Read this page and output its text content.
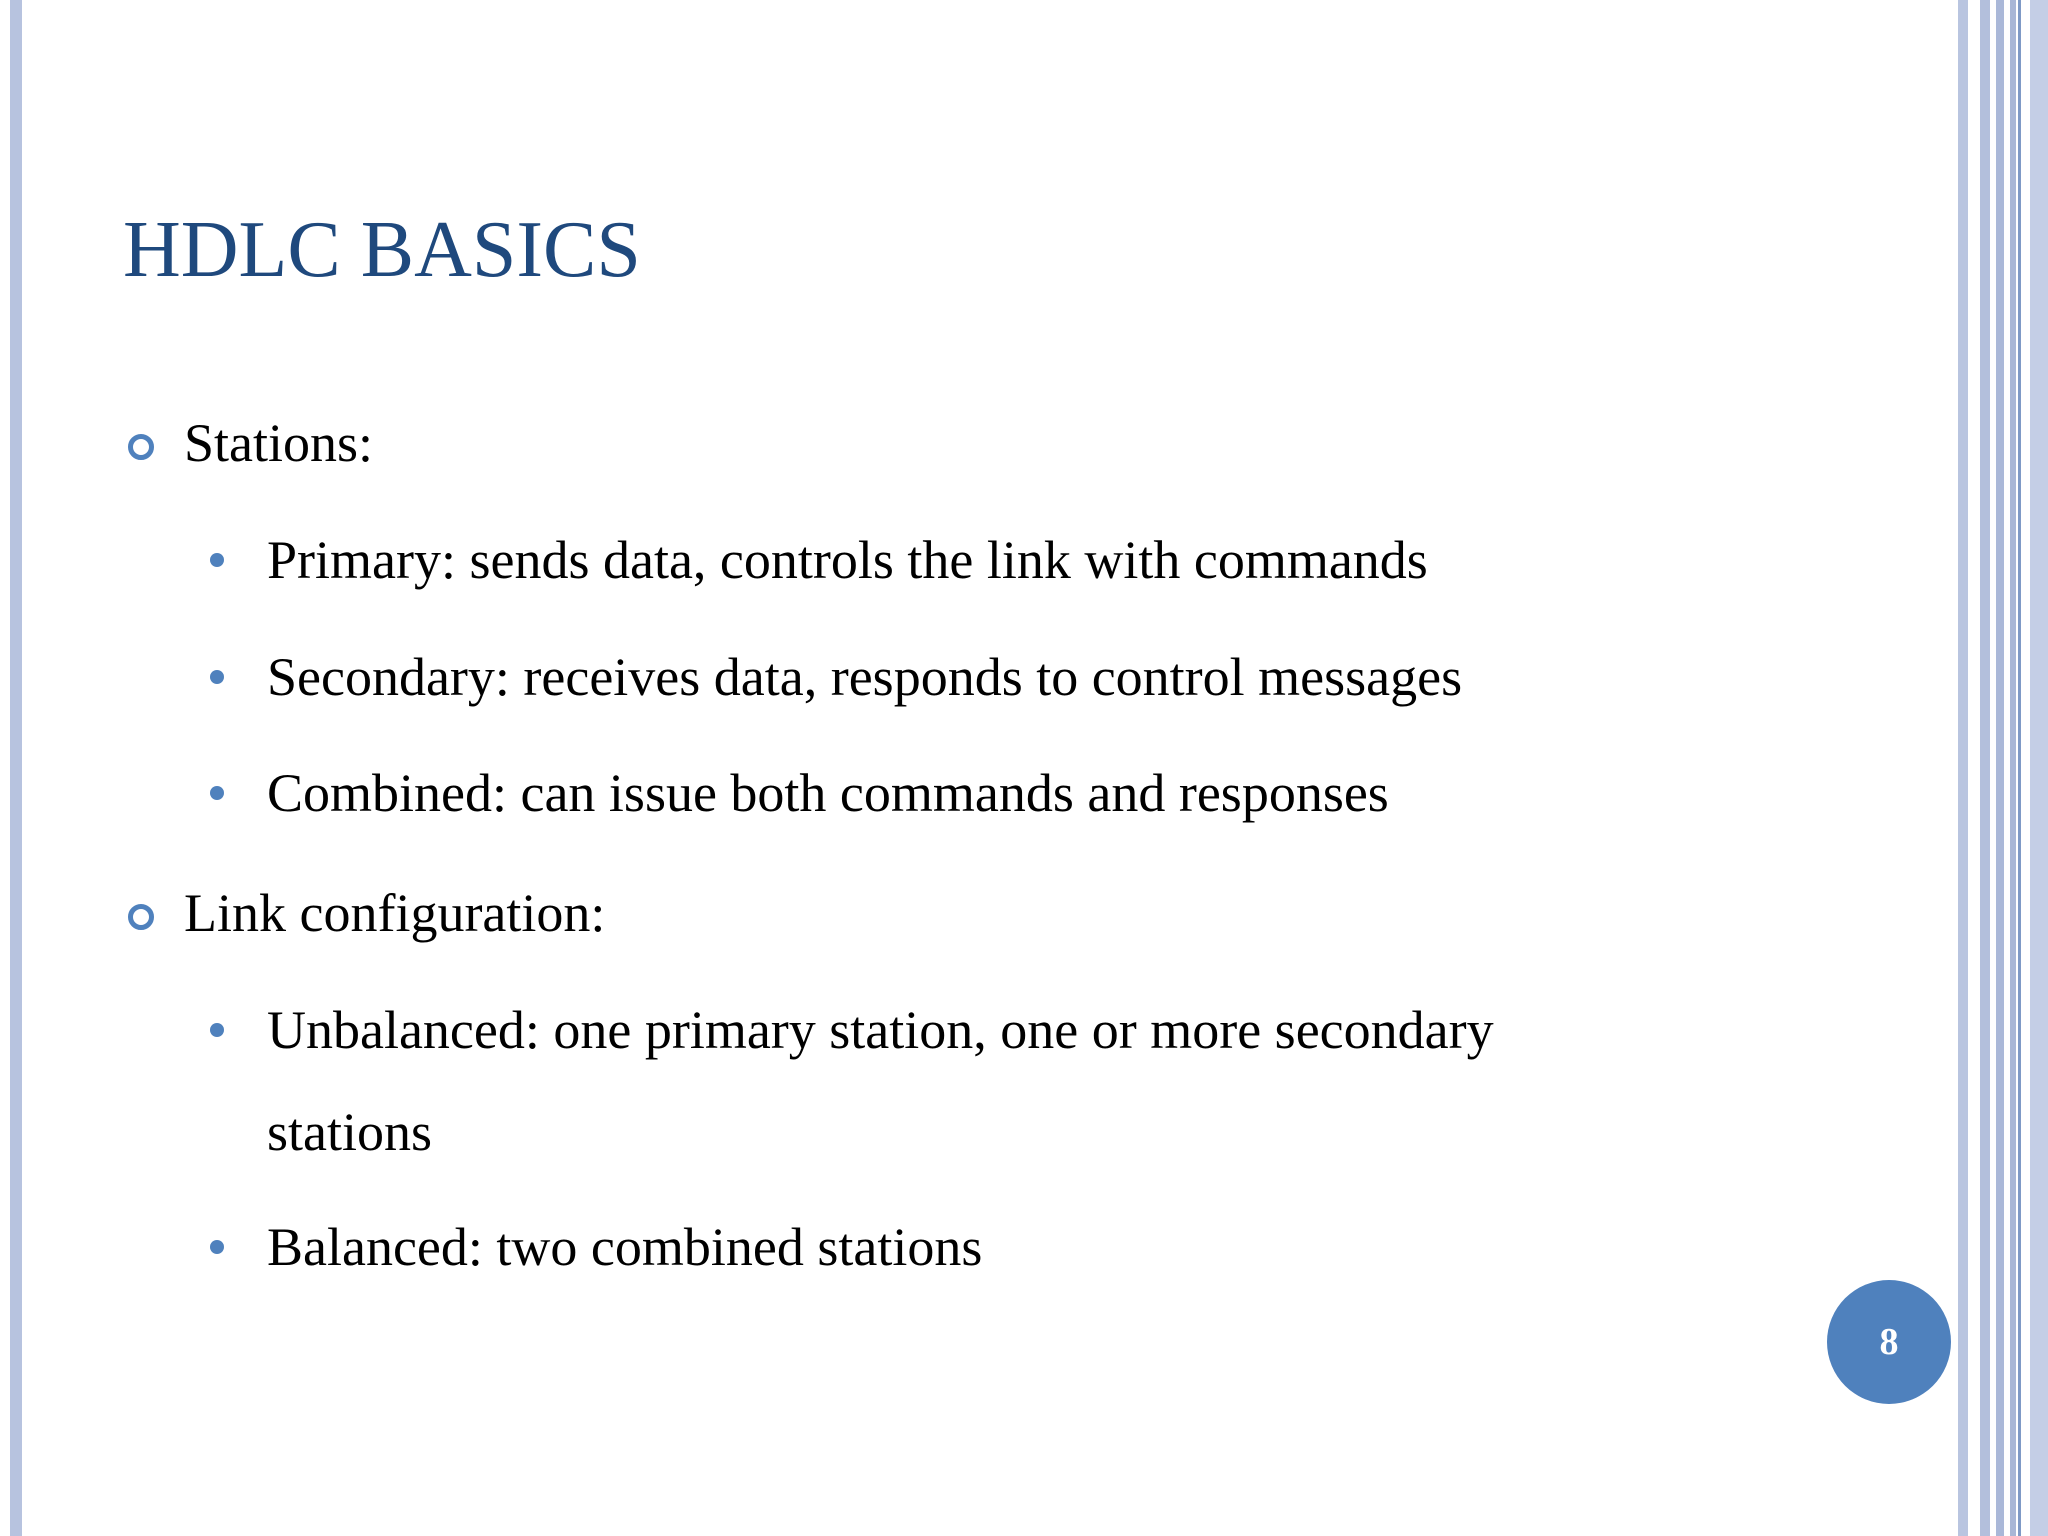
HDLC BASICS
Stations:
Primary: sends data, controls the link with commands
Secondary: receives data, responds to control messages
Combined: can issue both commands and responses
Link configuration:
Unbalanced: one primary station, one or more secondary stations
Balanced: two combined stations
8
